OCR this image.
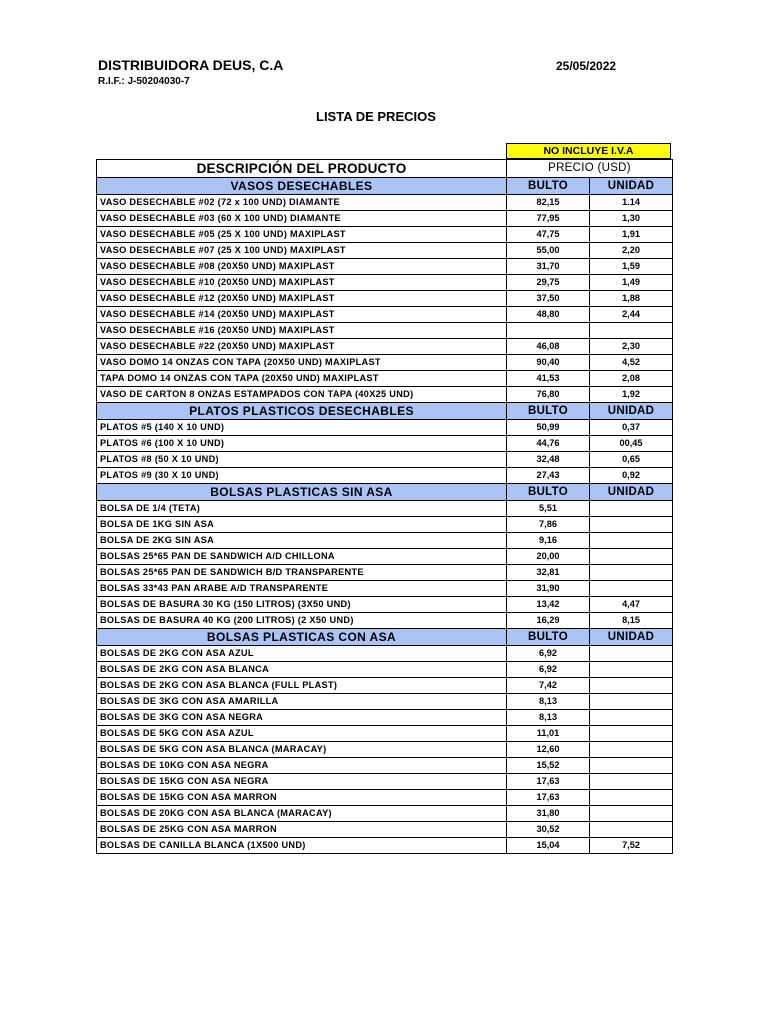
DISTRIBUIDORA DEUS, C.A
R.I.F.: J-50204030-7
25/05/2022
LISTA DE PRECIOS
NO INCLUYE I.V.A
DESCRIPCIÓN DEL PRODUCTO	PRECIO (USD)	
VASOS DESECHABLES	BULTO	UNIDAD
VASO DESECHABLE #02 (72 x 100 UND) DIAMANTE	82,15	1.14
VASO DESECHABLE #03 (60 X 100 UND) DIAMANTE	77,95	1,30
VASO DESECHABLE #05 (25 X 100 UND) MAXIPLAST	47,75	1,91
VASO DESECHABLE #07 (25 X 100 UND) MAXIPLAST	55,00	2,20
VASO DESECHABLE #08 (20X50 UND) MAXIPLAST	31,70	1,59
VASO DESECHABLE #10 (20X50 UND) MAXIPLAST	29,75	1,49
VASO DESECHABLE #12 (20X50 UND) MAXIPLAST	37,50	1,88
VASO DESECHABLE #14 (20X50 UND) MAXIPLAST	48,80	2,44
VASO DESECHABLE #16 (20X50 UND) MAXIPLAST		
VASO DESECHABLE #22 (20X50 UND) MAXIPLAST	46,08	2,30
VASO DOMO 14 ONZAS CON TAPA (20X50 UND) MAXIPLAST	90,40	4,52
TAPA DOMO 14 ONZAS CON TAPA (20X50 UND) MAXIPLAST	41,53	2,08
VASO DE CARTON 8 ONZAS ESTAMPADOS CON TAPA (40X25 UND)	76,80	1,92
PLATOS PLASTICOS DESECHABLES	BULTO	UNIDAD
PLATOS #5 (140 X 10 UND)	50,99	0,37
PLATOS #6 (100 X 10 UND)	44,76	00,45
PLATOS #8 (50 X 10 UND)	32,48	0,65
PLATOS #9 (30 X 10 UND)	27,43	0,92
BOLSAS PLASTICAS SIN ASA	BULTO	UNIDAD
BOLSA DE 1/4 (TETA)	5,51	
BOLSA DE 1KG SIN ASA	7,86	
BOLSA DE 2KG SIN ASA	9,16	
BOLSAS 25*65 PAN DE SANDWICH A/D CHILLONA	20,00	
BOLSAS 25*65 PAN DE SANDWICH B/D TRANSPARENTE	32,81	
BOLSAS 33*43 PAN ARABE A/D TRANSPARENTE	31,90	
BOLSAS DE BASURA 30 KG (150 LITROS) (3X50 UND)	13,42	4,47
BOLSAS DE BASURA 40 KG (200 LITROS) (2 X50 UND)	16,29	8,15
BOLSAS PLASTICAS CON ASA	BULTO	UNIDAD
BOLSAS DE 2KG CON ASA AZUL	6,92	
BOLSAS DE 2KG CON ASA BLANCA	6,92	
BOLSAS DE 2KG CON ASA BLANCA (FULL PLAST)	7,42	
BOLSAS DE 3KG CON ASA AMARILLA	8,13	
BOLSAS DE 3KG CON ASA NEGRA	8,13	
BOLSAS DE 5KG CON ASA AZUL	11,01	
BOLSAS DE 5KG CON ASA BLANCA (MARACAY)	12,60	
BOLSAS DE 10KG CON ASA NEGRA	15,52	
BOLSAS DE 15KG CON ASA NEGRA	17,63	
BOLSAS DE 15KG CON ASA MARRON	17,63	
BOLSAS DE 20KG CON ASA BLANCA (MARACAY)	31,80	
BOLSAS DE 25KG CON ASA MARRON	30,52	
BOLSAS DE CANILLA BLANCA (1X500 UND)	15,04	7,52
